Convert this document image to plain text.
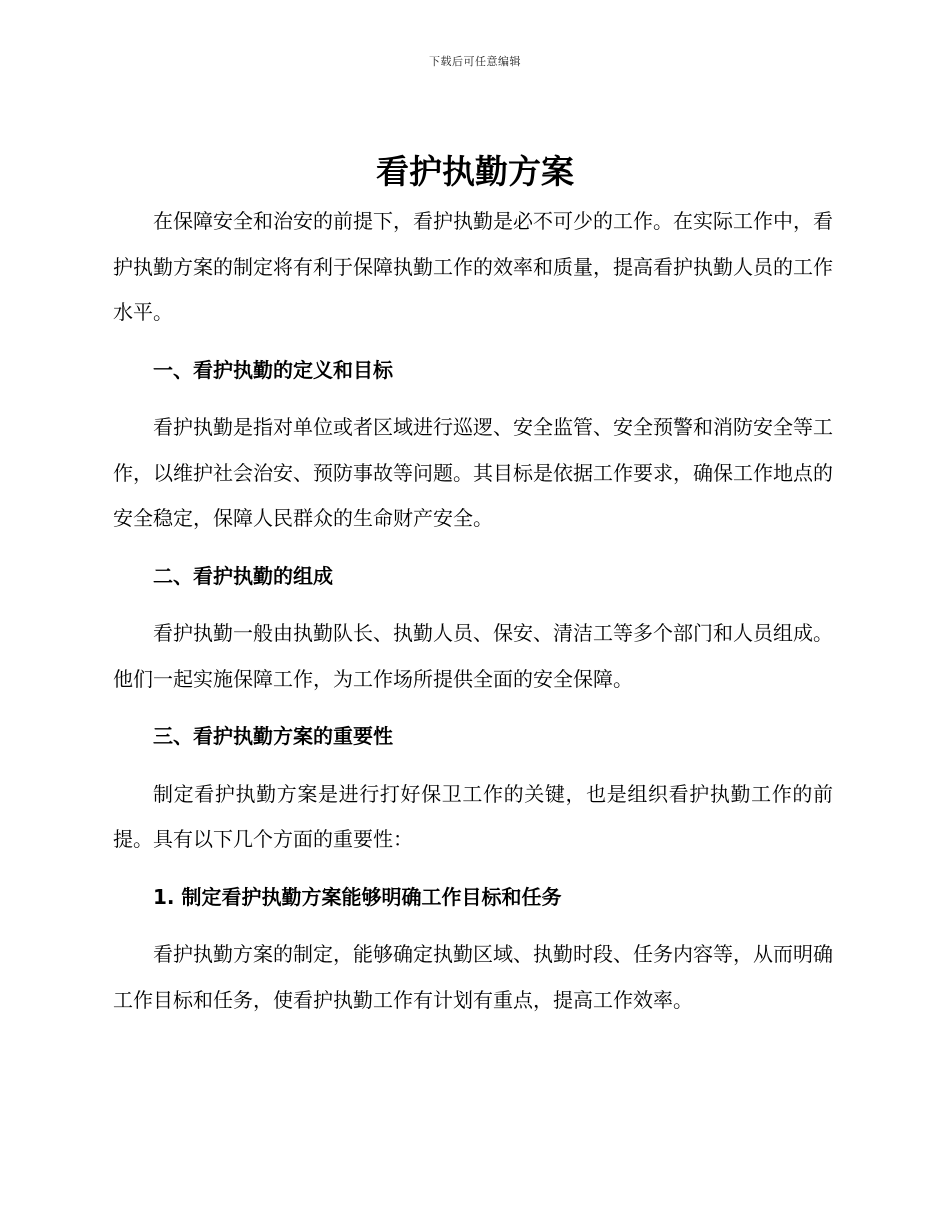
下载后可任意编辑
看护执勤方案

在保障安全和治安的前提下，看护执勤是必不可少的工作。在实际工作中，看护执勤方案的制定将有利于保障执勤工作的效率和质量，提高看护执勤人员的工作水平。

一、看护执勤的定义和目标

看护执勤是指对单位或者区域进行巡逻、安全监管、安全预警和消防安全等工作，以维护社会治安、预防事故等问题。其目标是依据工作要求，确保工作地点的安全稳定，保障人民群众的生命财产安全。

二、看护执勤的组成

看护执勤一般由执勤队长、执勤人员、保安、清洁工等多个部门和人员组成。他们一起实施保障工作，为工作场所提供全面的安全保障。

三、看护执勤方案的重要性

制定看护执勤方案是进行打好保卫工作的关键，也是组织看护执勤工作的前提。具有以下几个方面的重要性：

1. 制定看护执勤方案能够明确工作目标和任务

看护执勤方案的制定，能够确定执勤区域、执勤时段、任务内容等，从而明确工作目标和任务，使看护执勤工作有计划有重点，提高工作效率。
